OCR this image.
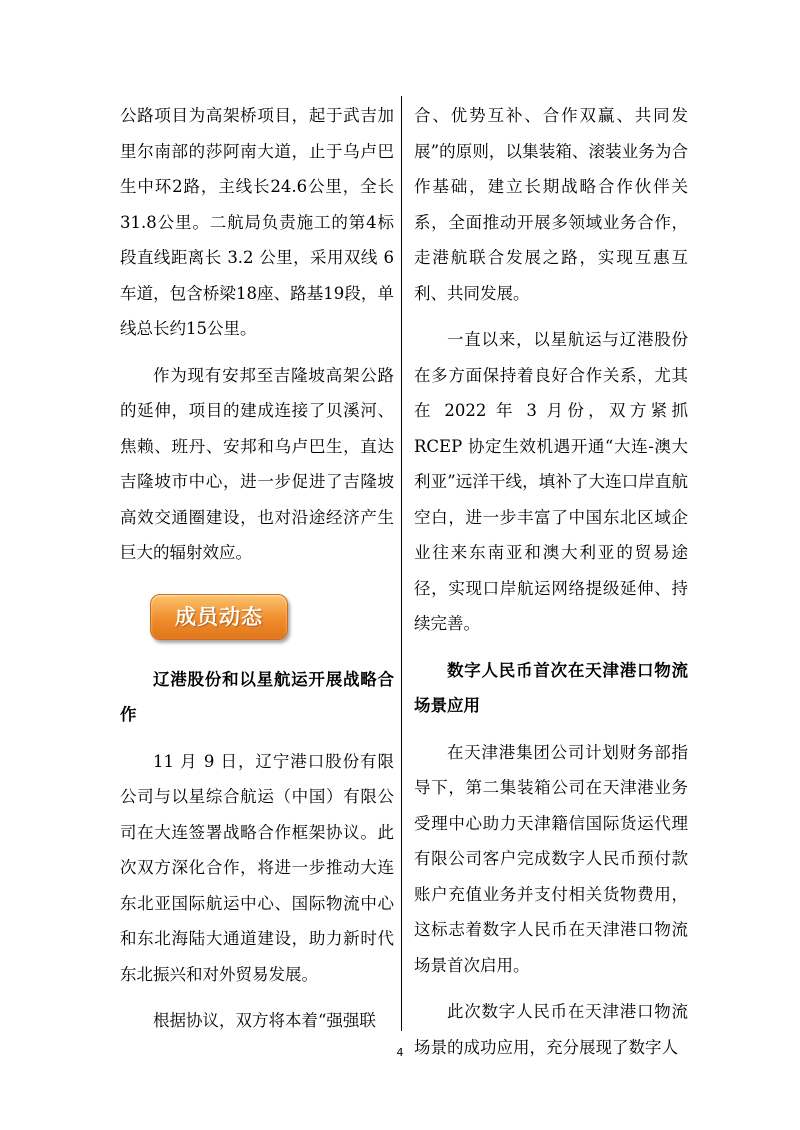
公路项目为高架桥项目，起于武吉加里尔南部的莎阿南大道，止于乌卢巴生中环2路，主线长24.6公里，全长31.8公里。二航局负责施工的第4标段直线距离长 3.2 公里，采用双线 6 车道，包含桥梁18座、路基19段，单线总长约15公里。

作为现有安邦至吉隆坡高架公路的延伸，项目的建成连接了贝溪河、焦赖、班丹、安邦和乌卢巴生，直达吉隆坡市中心，进一步促进了吉隆坡高效交通圈建设，也对沿途经济产生巨大的辐射效应。

成员动态

辽港股份和以星航运开展战略合作

11 月 9 日，辽宁港口股份有限公司与以星综合航运（中国）有限公司在大连签署战略合作框架协议。此次双方深化合作，将进一步推动大连东北亚国际航运中心、国际物流中心和东北海陆大通道建设，助力新时代东北振兴和对外贸易发展。

根据协议，双方将本着“强强联

合、优势互补、合作双赢、共同发展”的原则，以集装箱、滚装业务为合作基础，建立长期战略合作伙伴关系，全面推动开展多领域业务合作，走港航联合发展之路，实现互惠互利、共同发展。

一直以来，以星航运与辽港股份在多方面保持着良好合作关系，尤其在 2022 年 3 月份，双方紧抓 RCEP 协定生效机遇开通“大连-澳大利亚”远洋干线，填补了大连口岸直航空白，进一步丰富了中国东北区域企业往来东南亚和澳大利亚的贸易途径，实现口岸航运网络提级延伸、持续完善。

数字人民币首次在天津港口物流场景应用

在天津港集团公司计划财务部指导下，第二集装箱公司在天津港业务受理中心助力天津籍信国际货运代理有限公司客户完成数字人民币预付款账户充值业务并支付相关货物费用，这标志着数字人民币在天津港口物流场景首次启用。

此次数字人民币在天津港口物流场景的成功应用，充分展现了数字人

4
